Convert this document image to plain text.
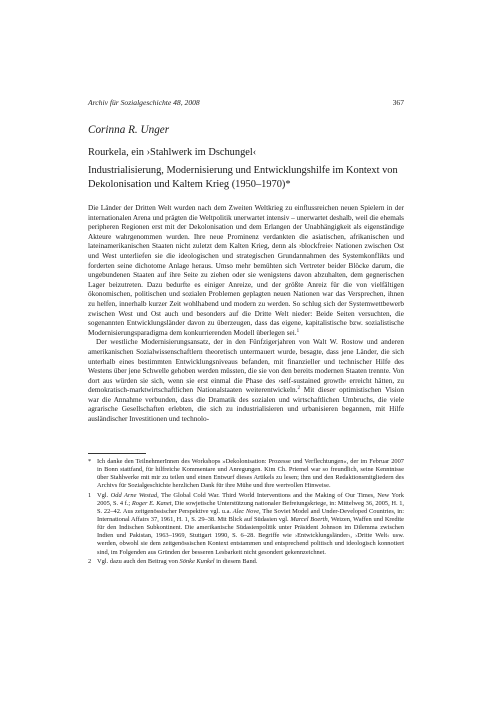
Archiv für Sozialgeschichte 48, 2008	367
Corinna R. Unger
Rourkela, ein ›Stahlwerk im Dschungel‹
Industrialisierung, Modernisierung und Entwicklungshilfe im Kontext von Dekolonisation und Kaltem Krieg (1950–1970)*

Die Länder der Dritten Welt wurden nach dem Zweiten Weltkrieg zu einflussreichen neuen Spielern in der internationalen Arena und prägten die Weltpolitik unerwartet intensiv – unerwartet deshalb, weil die ehemals peripheren Regionen erst mit der Dekolonisation und dem Erlangen der Unabhängigkeit als eigenständige Akteure wahrgenommen wurden. Ihre neue Prominenz verdankten die asiatischen, afrikanischen und lateinamerikanischen Staaten nicht zuletzt dem Kalten Krieg, denn als ›blockfreie‹ Nationen zwischen Ost und West unterliefen sie die ideologischen und strategischen Grundannahmen des Systemkonflikts und forderten seine dichotome Anlage heraus. Umso mehr bemühten sich Vertreter beider Blöcke darum, die ungebundenen Staaten auf ihre Seite zu ziehen oder sie wenigstens davon abzuhalten, dem gegnerischen Lager beizutreten. Dazu bedurfte es einiger Anreize, und der größte Anreiz für die von vielfältigen ökonomischen, politischen und sozialen Problemen geplagten neuen Nationen war das Versprechen, ihnen zu helfen, innerhalb kurzer Zeit wohlhabend und modern zu werden. So schlug sich der Systemwettbewerb zwischen West und Ost auch und besonders auf die Dritte Welt nieder: Beide Seiten versuchten, die sogenannten Entwicklungsländer davon zu überzeugen, dass das eigene, kapitalistische bzw. sozialistische Modernisierungsparadigma dem konkurrierenden Modell überlegen sei.$^1$

Der westliche Modernisierungsansatz, der in den Fünfzigerjahren von Walt W. Rostow und anderen amerikanischen Sozialwissenschaftlern theoretisch untermauert wurde, besagte, dass jene Länder, die sich unterhalb eines bestimmten Entwicklungsniveaus befanden, mit finanzieller und technischer Hilfe des Westens über jene Schwelle gehoben werden müssten, die sie von den bereits modernen Staaten trennte. Von dort aus würden sie sich, wenn sie erst einmal die Phase des ›self-sustained growth‹ erreicht hätten, zu demokratisch-marktwirtschaftlichen Nationalstaaten weiterentwickeln.$^2$ Mit dieser optimistischen Vision war die Annahme verbunden, dass die Dramatik des sozialen und wirtschaftlichen Umbruchs, die viele agrarische Gesellschaften erlebten, die sich zu industrialisieren und urbanisieren begannen, mit Hilfe ausländischer Investitionen und technolo-

* Ich danke den TeilnehmerInnen des Workshops »Dekolonisation: Prozesse und Verflechtungen«, der im Februar 2007 in Bonn stattfand, für hilfreiche Kommentare und Anregungen. Kim Ch. Priemel war so freundlich, seine Kenntnisse über Stahlwerke mit mir zu teilen und einen Entwurf dieses Artikels zu lesen; ihm und den Redaktionsmitgliedern des Archivs für Sozialgeschichte herzlichen Dank für ihre Mühe und ihre wertvollen Hinweise.
1 Vgl. Odd Arne Westad, The Global Cold War. Third World Interventions and the Making of Our Times, New York 2005, S. 4 f.; Roger E. Kanet, Die sowjetische Unterstützung nationaler Befreiungskriege, in: Mittelweg 36, 2005, H. 1, S. 22–42. Aus zeitgenössischer Perspektive vgl. u.a. Alec Nove, The Soviet Model and Under-Developed Countries, in: International Affairs 37, 1961, H. 1, S. 29–38. Mit Blick auf Südasien vgl. Marcel Boerth, Weizen, Waffen und Kredite für den Indischen Subkontinent. Die amerikanische Südasienpolitik unter Präsident Johnson im Dilemma zwischen Indien und Pakistan, 1963–1969, Stuttgart 1990, S. 6–28. Begriffe wie ›Entwicklungsländer‹, ›Dritte Welt‹ usw. werden, obwohl sie dem zeitgenössischen Kontext entstammen und entsprechend politisch und ideologisch konnotiert sind, im Folgenden aus Gründen der besseren Lesbarkeit nicht gesondert gekennzeichnet.
2 Vgl. dazu auch den Beitrag von Sönke Kunkel in diesem Band.
